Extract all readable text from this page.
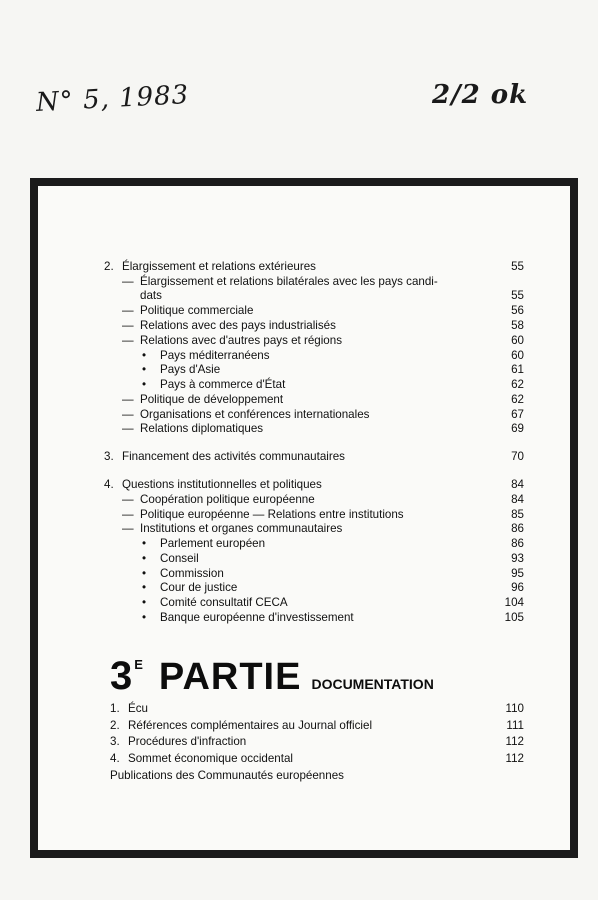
N° 5, 1983	2/2 ok
2. Élargissement et relations extérieures	55
— Élargissement et relations bilatérales avec les pays candi-
dats	55
— Politique commerciale	56
— Relations avec des pays industrialisés	58
— Relations avec d'autres pays et régions	60
•	Pays méditerranéens	60
•	Pays d'Asie	61
•	Pays à commerce d'État	62
— Politique de développement	62
— Organisations et conférences internationales	67
— Relations diplomatiques	69
3. Financement des activités communautaires	70
4. Questions institutionnelles et politiques	84
— Coopération politique européenne	84
— Politique européenne — Relations entre institutions	85
— Institutions et organes communautaires	86
•	Parlement européen	86
•	Conseil	93
•	Commission	95
•	Cour de justice	96
•	Comité consultatif CECA	104
•	Banque européenne d'investissement	105
3 E PARTIE DOCUMENTATION
1. Écu	110
2. Références complémentaires au Journal officiel	111
3. Procédures d'infraction	112
4. Sommet économique occidental	112
Publications des Communautés européennes
